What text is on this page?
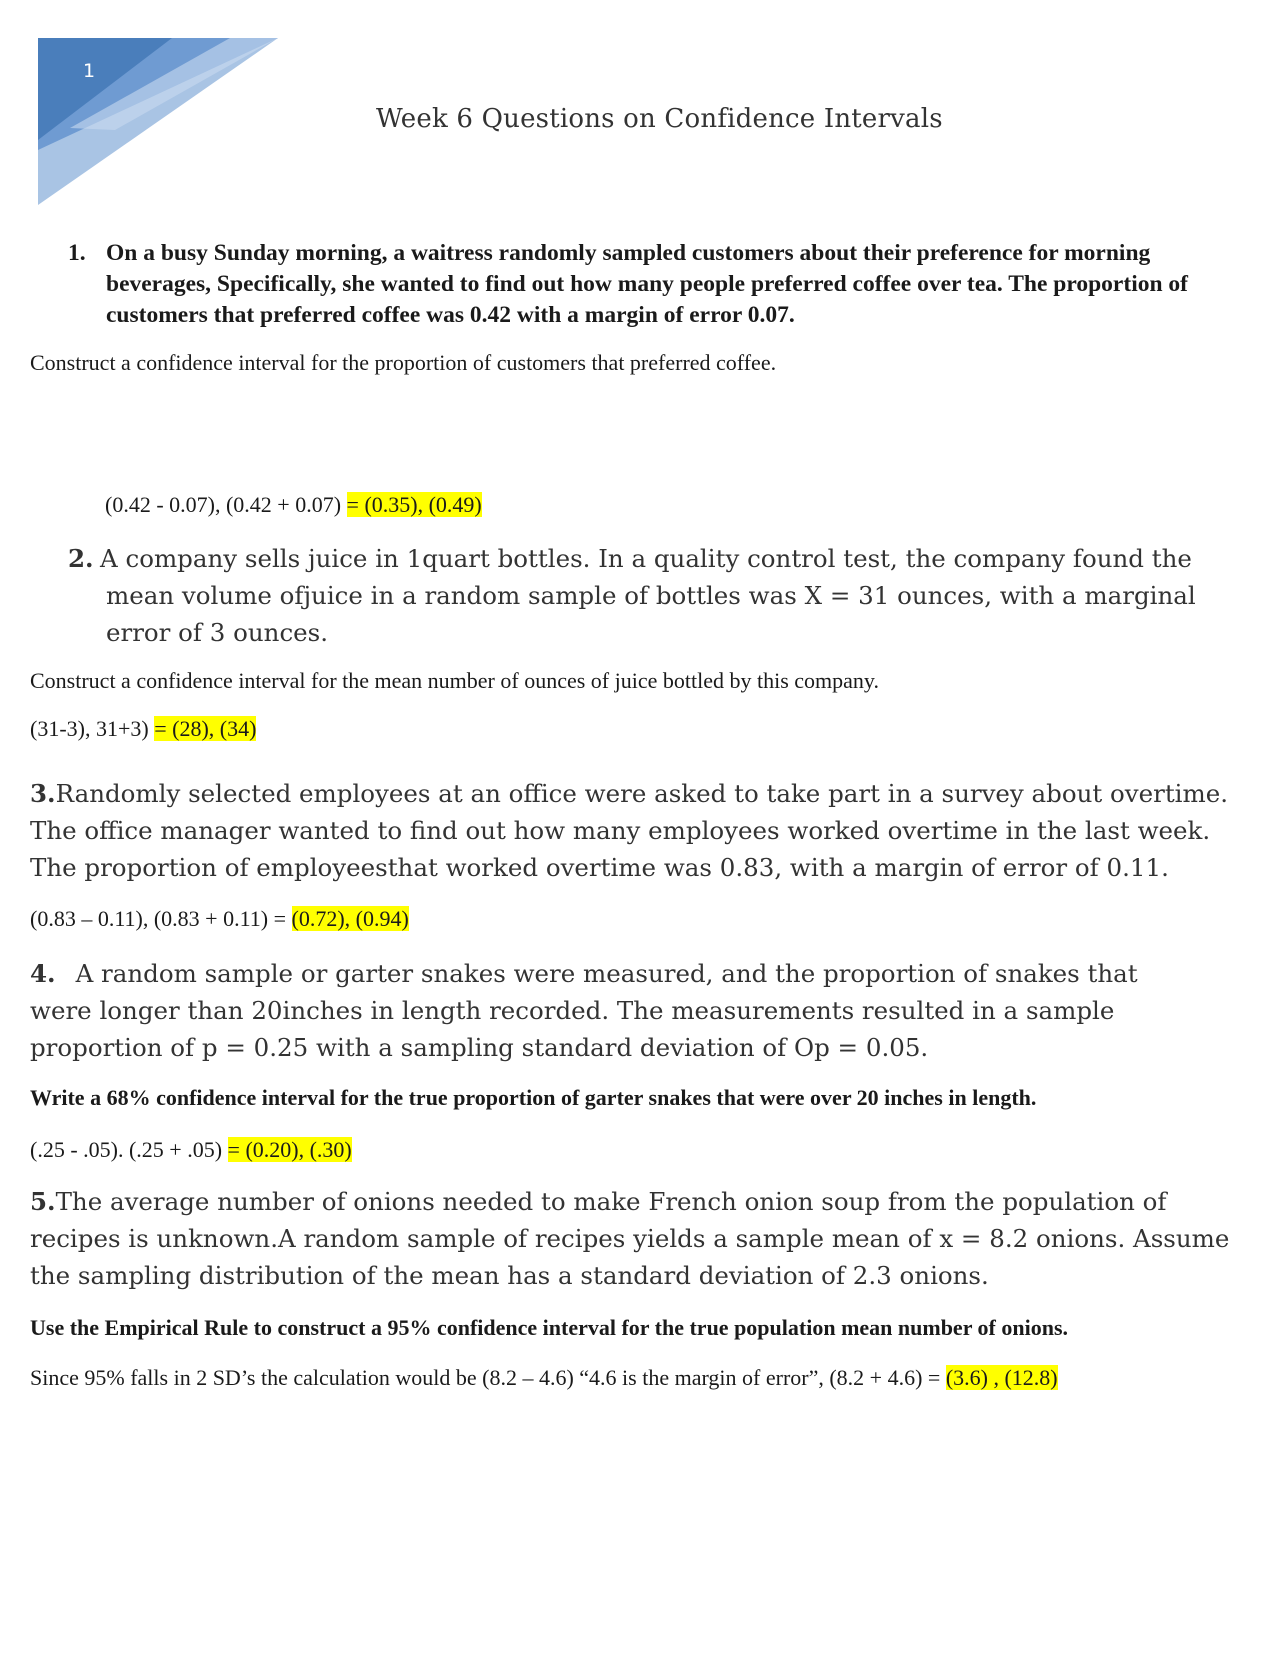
1
Week 6 Questions on Confidence Intervals
1. On a busy Sunday morning, a waitress randomly sampled customers about their preference for morning beverages, Specifically, she wanted to find out how many people preferred coffee over tea. The proportion of customers that preferred coffee was 0.42 with a margin of error 0.07.

Construct a confidence interval for the proportion of customers that preferred coffee.

(0.42 - 0.07), (0.42 + 0.07) = (0.35), (0.49)

2. A company sells juice in 1quart bottles. In a quality control test, the company found the mean volume ofjuice in a random sample of bottles was X = 31 ounces, with a marginal error of 3 ounces.

Construct a confidence interval for the mean number of ounces of juice bottled by this company.

(31-3), 31+3) = (28), (34)

3.Randomly selected employees at an office were asked to take part in a survey about overtime. The office manager wanted to find out how many employees worked overtime in the last week. The proportion of employeesthat worked overtime was 0.83, with a margin of error of 0.11.

(0.83 – 0.11), (0.83 + 0.11) = (0.72), (0.94)

4. A random sample or garter snakes were measured, and the proportion of snakes that were longer than 20inches in length recorded. The measurements resulted in a sample proportion of p = 0.25 with a sampling standard deviation of Op = 0.05.

Write a 68% confidence interval for the true proportion of garter snakes that were over 20 inches in length.

(.25 - .05). (.25 + .05) = (0.20), (.30)

5.The average number of onions needed to make French onion soup from the population of recipes is unknown.A random sample of recipes yields a sample mean of x = 8.2 onions. Assume the sampling distribution of the mean has a standard deviation of 2.3 onions.

Use the Empirical Rule to construct a 95% confidence interval for the true population mean number of onions.

Since 95% falls in 2 SD’s the calculation would be (8.2 – 4.6) “4.6 is the margin of error”, (8.2 + 4.6) = (3.6) , (12.8)
